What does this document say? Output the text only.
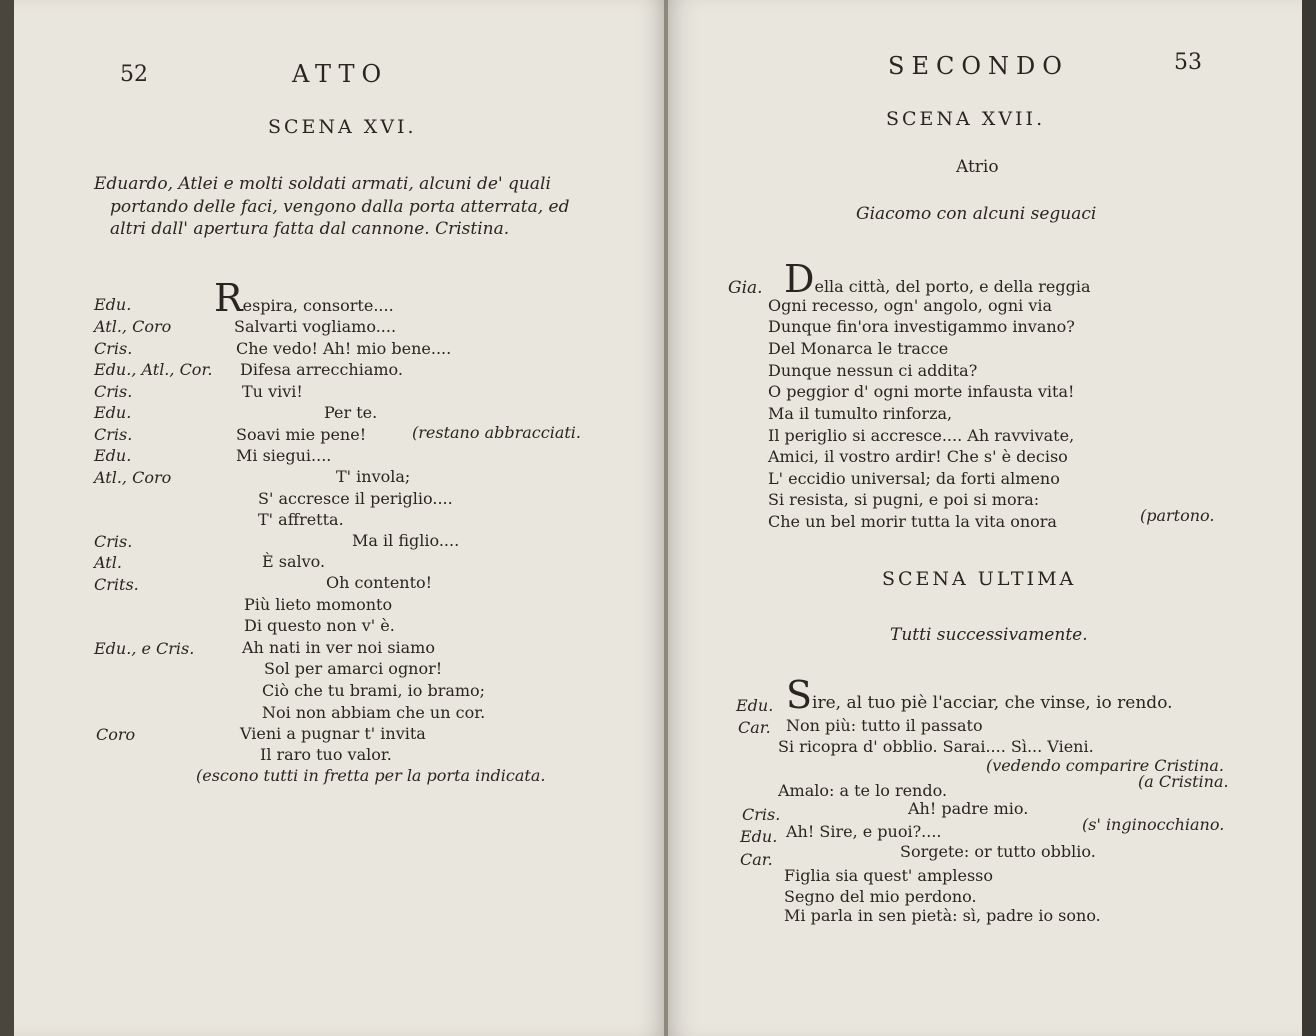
52	ATTO
SCENA XVI.
Eduardo, Atlei e molti soldati armati, alcuni de' quali
portando delle faci, vengono dalla porta atterrata, ed
altri dall' apertura fatta dal cannone. Cristina.
Edu. Respira, consorte....
Atl., Coro	Salvarti vogliamo....
Cris.	Che vedo! Ah! mio bene....
Edu., Atl., Cor. Difesa arrecchiamo.
Cris.	Tu vivi!
Edu.	Per te.
Cris.	Soavi mie pene!	(restano abbracciati.
Edu.	Mi siegui....
Atl., Coro	T' invola;
S' accresce il periglio....
T' affretta.
Cris.	Ma il figlio....
Atl.	È salvo.
Crits.	Oh contento!
Più lieto momonto
Di questo non v' è.
Edu., e Cris.	Ah nati in ver noi siamo
Sol per amarci ognor!
Ciò che tu brami, io bramo;
Noi non abbiam che un cor.
Coro	Vieni a pugnar t' invita
Il raro tuo valor.
(escono tutti in fretta per la porta indicata.
SECONDO	53
SCENA XVII.
Atrio
Giacomo con alcuni seguaci
Gia. Della città, del porto, e della reggia
Ogni recesso, ogn' angolo, ogni via
Dunque fin'ora investigammo invano?
Del Monarca le tracce
Dunque nessun ci addita?
O peggior d' ogni morte infausta vita!
Ma il tumulto rinforza,
Il periglio si accresce.... Ah ravvivate,
Amici, il vostro ardir! Che s' è deciso
L' eccidio universal; da forti almeno
Si resista, si pugni, e poi si mora:
Che un bel morir tutta la vita onora	(partono.
SCENA ULTIMA
Tutti successivamente.
Edu. Sire, al tuo piè l'acciar, che vinse, io rendo.
Car. Non più: tutto il passato
Si ricopra d' obblio. Sarai.... Sì... Vieni.
(vedendo comparire Cristina.
Amalo: a te lo rendo.	(a Cristina.
Cris.	Ah! padre mio.
Edu. Ah! Sire, e puoi?....	(s' inginocchiano.
Car.	Sorgete: or tutto obblio.
Figlia sia quest' amplesso
Segno del mio perdono.
Mi parla in sen pietà: sì, padre io sono.
